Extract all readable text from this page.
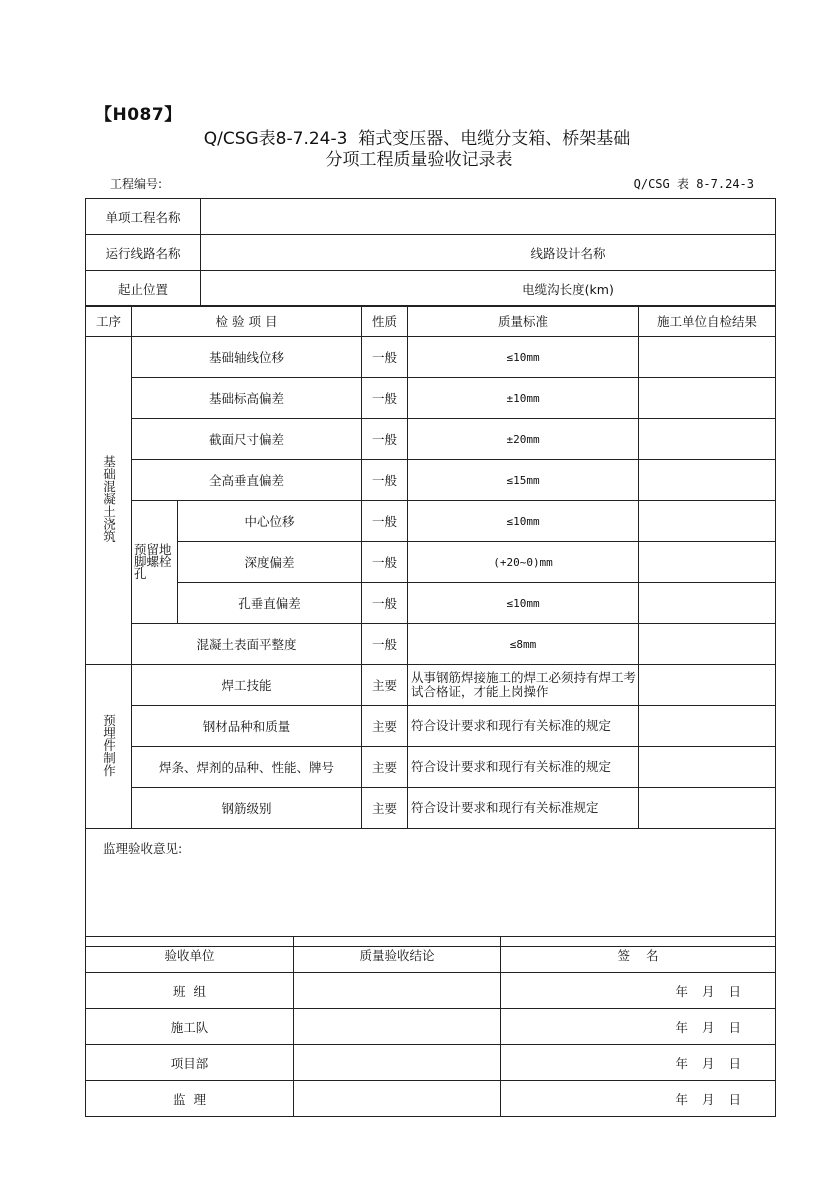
【H087】
Q/CSG表8-7.24-3  箱式变压器、电缆分支箱、桥架基础
分项工程质量验收记录表
工程编号:	Q/CSG 表 8-7.24-3
单项工程名称	
运行线路名称	线路设计名称
起止位置	电缆沟长度(km)
工序	检 验 项 目		性质	质量标准	施工单位自检结果
基础混凝土浇筑	基础轴线位移		一般	≤10mm	
	基础标高偏差		一般	±10mm	
	截面尺寸偏差		一般	±20mm	
	全高垂直偏差		一般	≤15mm	
	预留地脚螺栓孔	中心位移	一般	≤10mm	
		深度偏差	一般	(+20~0)mm	
		孔垂直偏差	一般	≤10mm	
	混凝土表面平整度		一般	≤8mm	
预埋件制作	焊工技能		主要	从事钢筋焊接施工的焊工必须持有焊工考试合格证，才能上岗操作	
	钢材品种和质量		主要	符合设计要求和现行有关标准的规定	
	焊条、焊剂的品种、性能、牌号		主要	符合设计要求和现行有关标准的规定	
	钢筋级别		主要	符合设计要求和现行有关标准规定	
监理验收意见:
验收单位	质量验收结论	签    名
班  组		年 月 日
施工队		年 月 日
项目部		年 月 日
监  理		年 月 日
